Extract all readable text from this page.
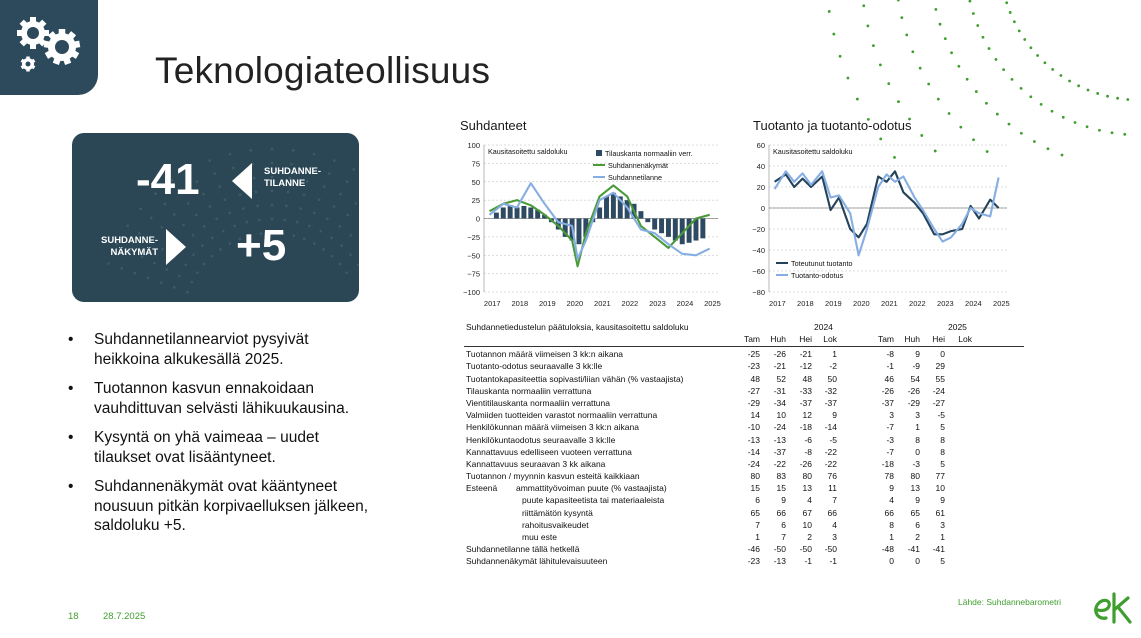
Teknologiateollisuus
-41	SUHDANNE-
TILANNE
SUHDANNE-
NÄKYMÄT +5
• Suhdannetilannearviot pysyivät heikkoina alkukesällä 2025.
• Tuotannon kasvun ennakoidaan vauhdittuvan selvästi lähikuukausina.
• Kysyntä on yhä vaimeaa – uudet tilaukset ovat lisääntyneet.
• Suhdannenäkymät ovat kääntyneet nousuun pitkän korpivaelluksen jälkeen, saldoluku +5.
Suhdanteet
100
75
50
25
0
−25
−50
−75
−100
2017 2018 2019 2020 2021 2022 2023 2024 2025
Kausitasoitettu saldoluku	Tilauskanta normaaliin verr.
Suhdannenäkymät
Suhdannetilanne
Tuotanto ja tuotanto-odotus
60
40
20
0
−20
−40
−60
−80
2017 2018 2019 2020 2021 2022 2023 2024 2025
Kausitasoitettu saldoluku
Toteutunut tuotanto
Tuotanto-odotus
Suhdannetiedustelun päätuloksia, kausitasoitettu saldoluku	2024	2025
Tam	Huh	Hei	Lok	Tam	Huh	Hei	Lok
Tuotannon määrä viimeisen 3 kk:n aikana	-25	-26	-21	1	-8	9	0
Tuotanto-odotus seuraavalle 3 kk:lle	-23	-21	-12	-2	-1	-9	29
Tuotantokapasiteettia sopivasti/liian vähän (% vastaajista)	48	52	48	50	46	54	55
Tilauskanta normaaliin verrattuna	-27	-31	-33	-32	-26	-26	-24
Vientitilauskanta normaaliin verrattuna	-29	-34	-37	-37	-37	-29	-27
Valmiiden tuotteiden varastot normaaliin verrattuna	14	10	12	9	3	3	-5
Henkilökunnan määrä viimeisen 3 kk:n aikana	-10	-24	-18	-14	-7	1	5
Henkilökuntaodotus seuraavalle 3 kk:lle	-13	-13	-6	-5	-3	8	8
Kannattavuus edelliseen vuoteen verrattuna	-14	-37	-8	-22	-7	0	8
Kannattavuus seuraavan 3 kk aikana	-24	-22	-26	-22	-18	-3	5
Tuotannon / myynnin kasvun esteitä kaikkiaan	80	83	80	76	78	80	77
Esteenä ammattityövoiman puute (% vastaajista)	15	15	13	11	9	13	10
puute kapasiteetista tai materiaaleista	6	9	4	7	4	9	9
riittämätön kysyntä	65	66	67	66	66	65	61
rahoitusvaikeudet	7	6	10	4	8	6	3
muu este	1	7	2	3	1	2	1
Suhdannetilanne tällä hetkellä	-46	-50	-50	-50	-48	-41	-41
Suhdannenäkymät lähitulevaisuuteen	-23	-13	-1	-1	0	0	5
18	28.7.2025
Lähde: Suhdannebarometri
